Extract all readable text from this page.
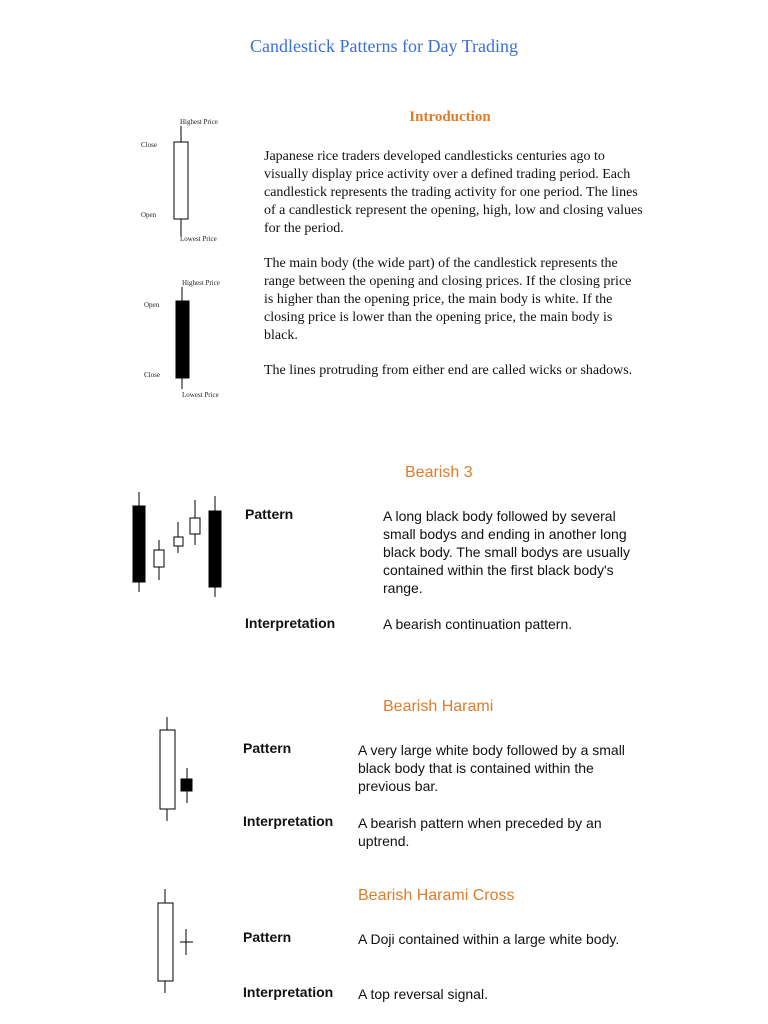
Candlestick Patterns for Day Trading
Highest Price
Close
Open
Lowest Price
Highest Price
Open
Close
Lowest Price
Introduction
Japanese rice traders developed candlesticks centuries ago to visually display price activity over a defined trading period. Each candlestick represents the trading activity for one period. The lines of a candlestick represent the opening, high, low and closing values for the period.
The main body (the wide part) of the candlestick represents the range between the opening and closing prices. If the closing price is higher than the opening price, the main body is white. If the closing price is lower than the opening price, the main body is black.
The lines protruding from either end are called wicks or shadows.
Bearish 3
Pattern	A long black body followed by several small bodys and ending in another long black body. The small bodys are usually contained within the first black body's range.
Interpretation	A bearish continuation pattern.
Bearish Harami
Pattern	A very large white body followed by a small black body that is contained within the previous bar.
Interpretation A bearish pattern when preceded by an uptrend.
Bearish Harami Cross
Pattern	A Doji contained within a large white body.
Interpretation A top reversal signal.
